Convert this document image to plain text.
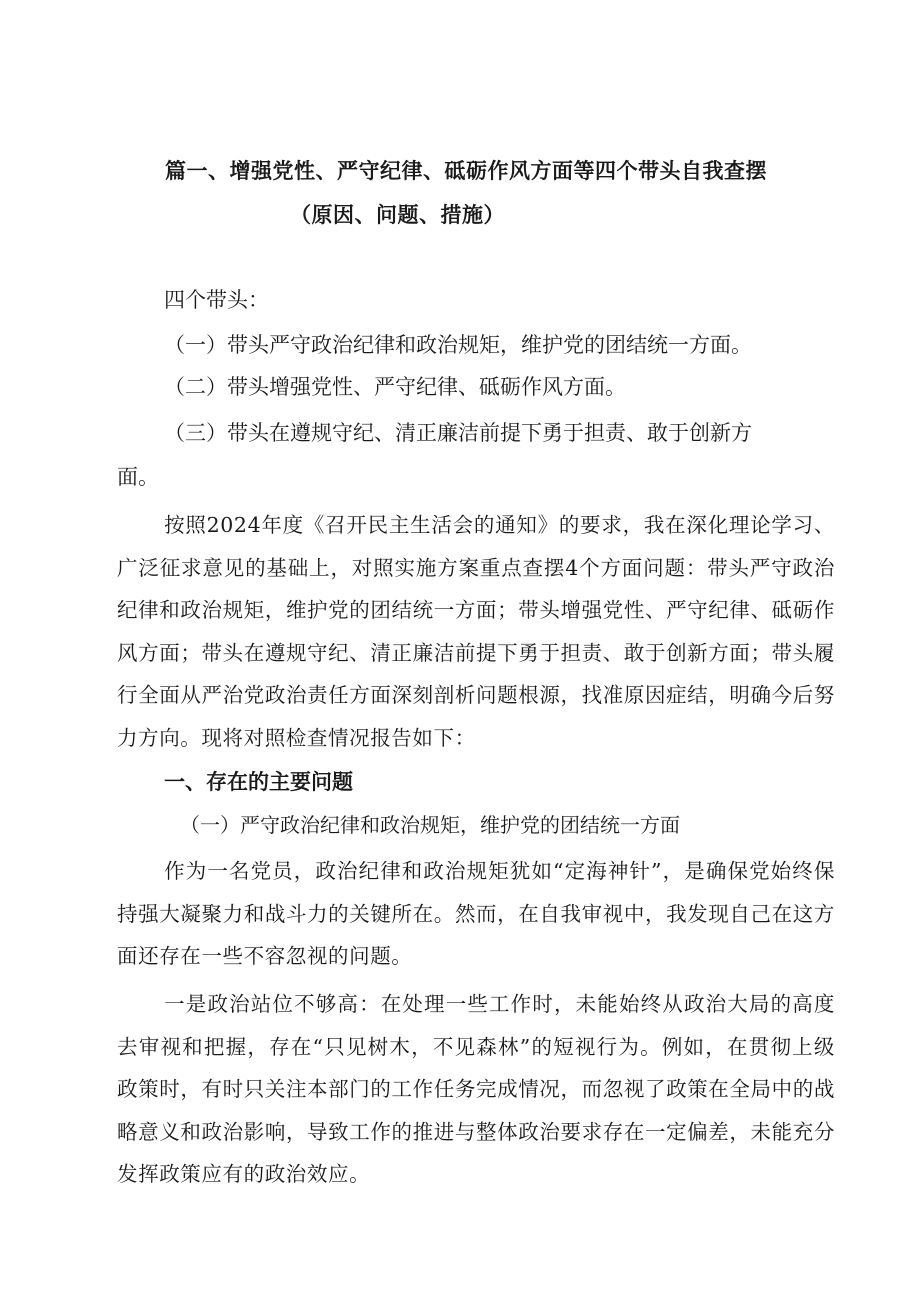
篇一、增强党性、严守纪律、砥砺作风方面等四个带头自我查摆
（原因、问题、措施）
四个带头：
（一）带头严守政治纪律和政治规矩，维护党的团结统一方面。
（二）带头增强党性、严守纪律、砥砺作风方面。
（三）带头在遵规守纪、清正廉洁前提下勇于担责、敢于创新方
面。

按照2024年度《召开民主生活会的通知》的要求，我在深化理论学习、广泛征求意见的基础上，对照实施方案重点查摆4个方面问题：带头严守政治纪律和政治规矩，维护党的团结统一方面；带头增强党性、严守纪律、砥砺作风方面；带头在遵规守纪、清正廉洁前提下勇于担责、敢于创新方面；带头履行全面从严治党政治责任方面深刻剖析问题根源，找准原因症结，明确今后努力方向。现将对照检查情况报告如下：

一、存在的主要问题
（一）严守政治纪律和政治规矩，维护党的团结统一方面

作为一名党员，政治纪律和政治规矩犹如“定海神针”，是确保党始终保持强大凝聚力和战斗力的关键所在。然而，在自我审视中，我发现自己在这方面还存在一些不容忽视的问题。

一是政治站位不够高：在处理一些工作时，未能始终从政治大局的高度去审视和把握，存在“只见树木，不见森林”的短视行为。例如，在贯彻上级政策时，有时只关注本部门的工作任务完成情况，而忽视了政策在全局中的战略意义和政治影响，导致工作的推进与整体政治要求存在一定偏差，未能充分发挥政策应有的政治效应。
